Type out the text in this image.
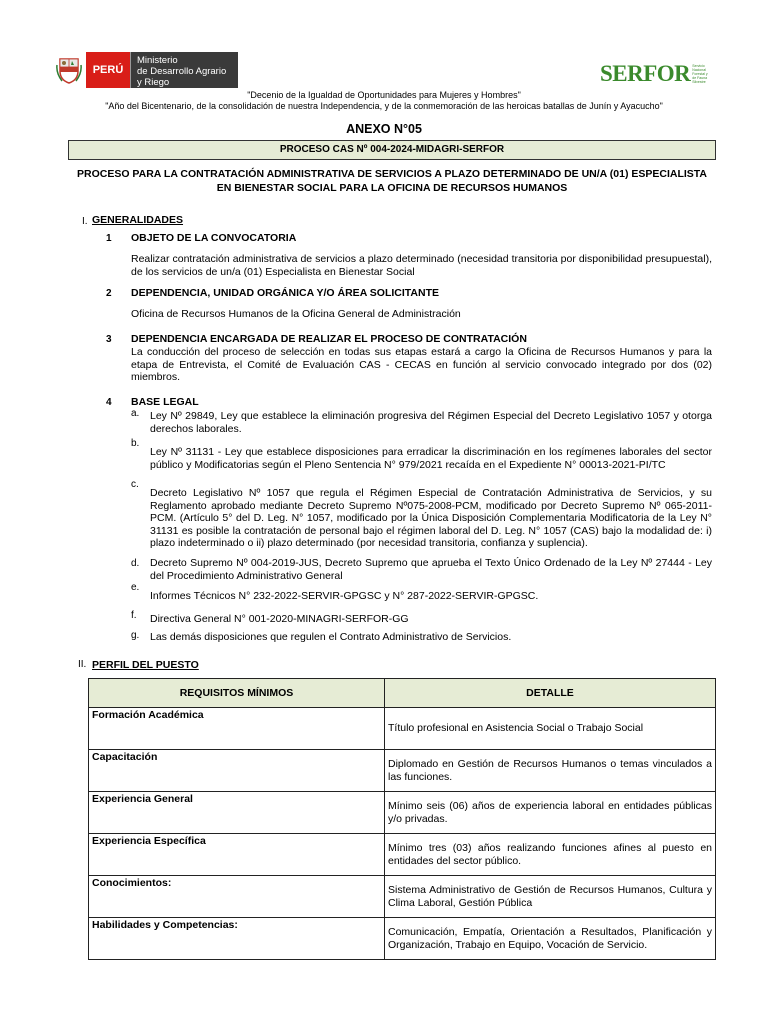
PERÚ
Ministerio
de Desarrollo Agrario
y Riego	SERFOR Servicio Nacional Forestal y de Fauna Silvestre
"Decenio de la Igualdad de Oportunidades para Mujeres y Hombres"
"Año del Bicentenario, de la consolidación de nuestra Independencia, y de la conmemoración de las heroicas batallas de Junín y Ayacucho"
ANEXO N°05
PROCESO CAS Nº 004-2024-MIDAGRI-SERFOR
PROCESO PARA LA CONTRATACIÓN ADMINISTRATIVA DE SERVICIOS A PLAZO DETERMINADO DE UN/A (01) ESPECIALISTA
EN BIENESTAR SOCIAL PARA LA OFICINA DE RECURSOS HUMANOS
I. GENERALIDADES
1 OBJETO DE LA CONVOCATORIA
Realizar contratación administrativa de servicios a plazo determinado (necesidad transitoria por disponibilidad presupuestal), de los servicios de un/a (01) Especialista en Bienestar Social
2 DEPENDENCIA, UNIDAD ORGÁNICA Y/O ÁREA SOLICITANTE
Oficina de Recursos Humanos de la Oficina General de Administración
3 DEPENDENCIA ENCARGADA DE REALIZAR EL PROCESO DE CONTRATACIÓN
La conducción del proceso de selección en todas sus etapas estará a cargo la Oficina de Recursos Humanos y para la etapa de Entrevista, el Comité de Evaluación CAS - CECAS en función al servicio convocado integrado por dos (02) miembros.
4 BASE LEGAL
a. Ley Nº 29849, Ley que establece la eliminación progresiva del Régimen Especial del Decreto Legislativo 1057 y otorga derechos laborales.
b.
Ley Nº 31131 - Ley que establece disposiciones para erradicar la discriminación en los regímenes laborales del sector público y Modificatorias según el Pleno Sentencia N° 979/2021 recaída en el Expediente N° 00013-2021-PI/TC
c.
Decreto Legislativo Nº 1057 que regula el Régimen Especial de Contratación Administrativa de Servicios, y su Reglamento aprobado mediante Decreto Supremo Nº075-2008-PCM, modificado por Decreto Supremo Nº 065-2011-PCM. (Artículo 5° del D. Leg. N° 1057, modificado por la Única Disposición Complementaria Modificatoria de la Ley N° 31131 es posible la contratación de personal bajo el régimen laboral del D. Leg. N° 1057 (CAS) bajo la modalidad de: i) plazo indeterminado o ii) plazo determinado (por necesidad transitoria, confianza y suplencia).
d. Decreto Supremo Nº 004-2019-JUS, Decreto Supremo que aprueba el Texto Único Ordenado de la Ley Nº 27444 - Ley del Procedimiento Administrativo General
e.
Informes Técnicos N° 232-2022-SERVIR-GPGSC y N° 287-2022-SERVIR-GPGSC.
f. Directiva General N° 001-2020-MINAGRI-SERFOR-GG
g. Las demás disposiciones que regulen el Contrato Administrativo de Servicios.
II. PERFIL DEL PUESTO
REQUISITOS MÍNIMOS	DETALLE
Formación Académica	Título profesional en Asistencia Social o Trabajo Social
Capacitación	Diplomado en Gestión de Recursos Humanos o temas vinculados a las funciones.
Experiencia General	Mínimo seis (06) años de experiencia laboral en entidades públicas y/o privadas.
Experiencia Específica	Mínimo tres (03) años realizando funciones afines al puesto en entidades del sector público.
Conocimientos:	Sistema Administrativo de Gestión de Recursos Humanos, Cultura y Clima Laboral, Gestión Pública
Habilidades y Competencias:	Comunicación, Empatía, Orientación a Resultados, Planificación y Organización, Trabajo en Equipo, Vocación de Servicio.
